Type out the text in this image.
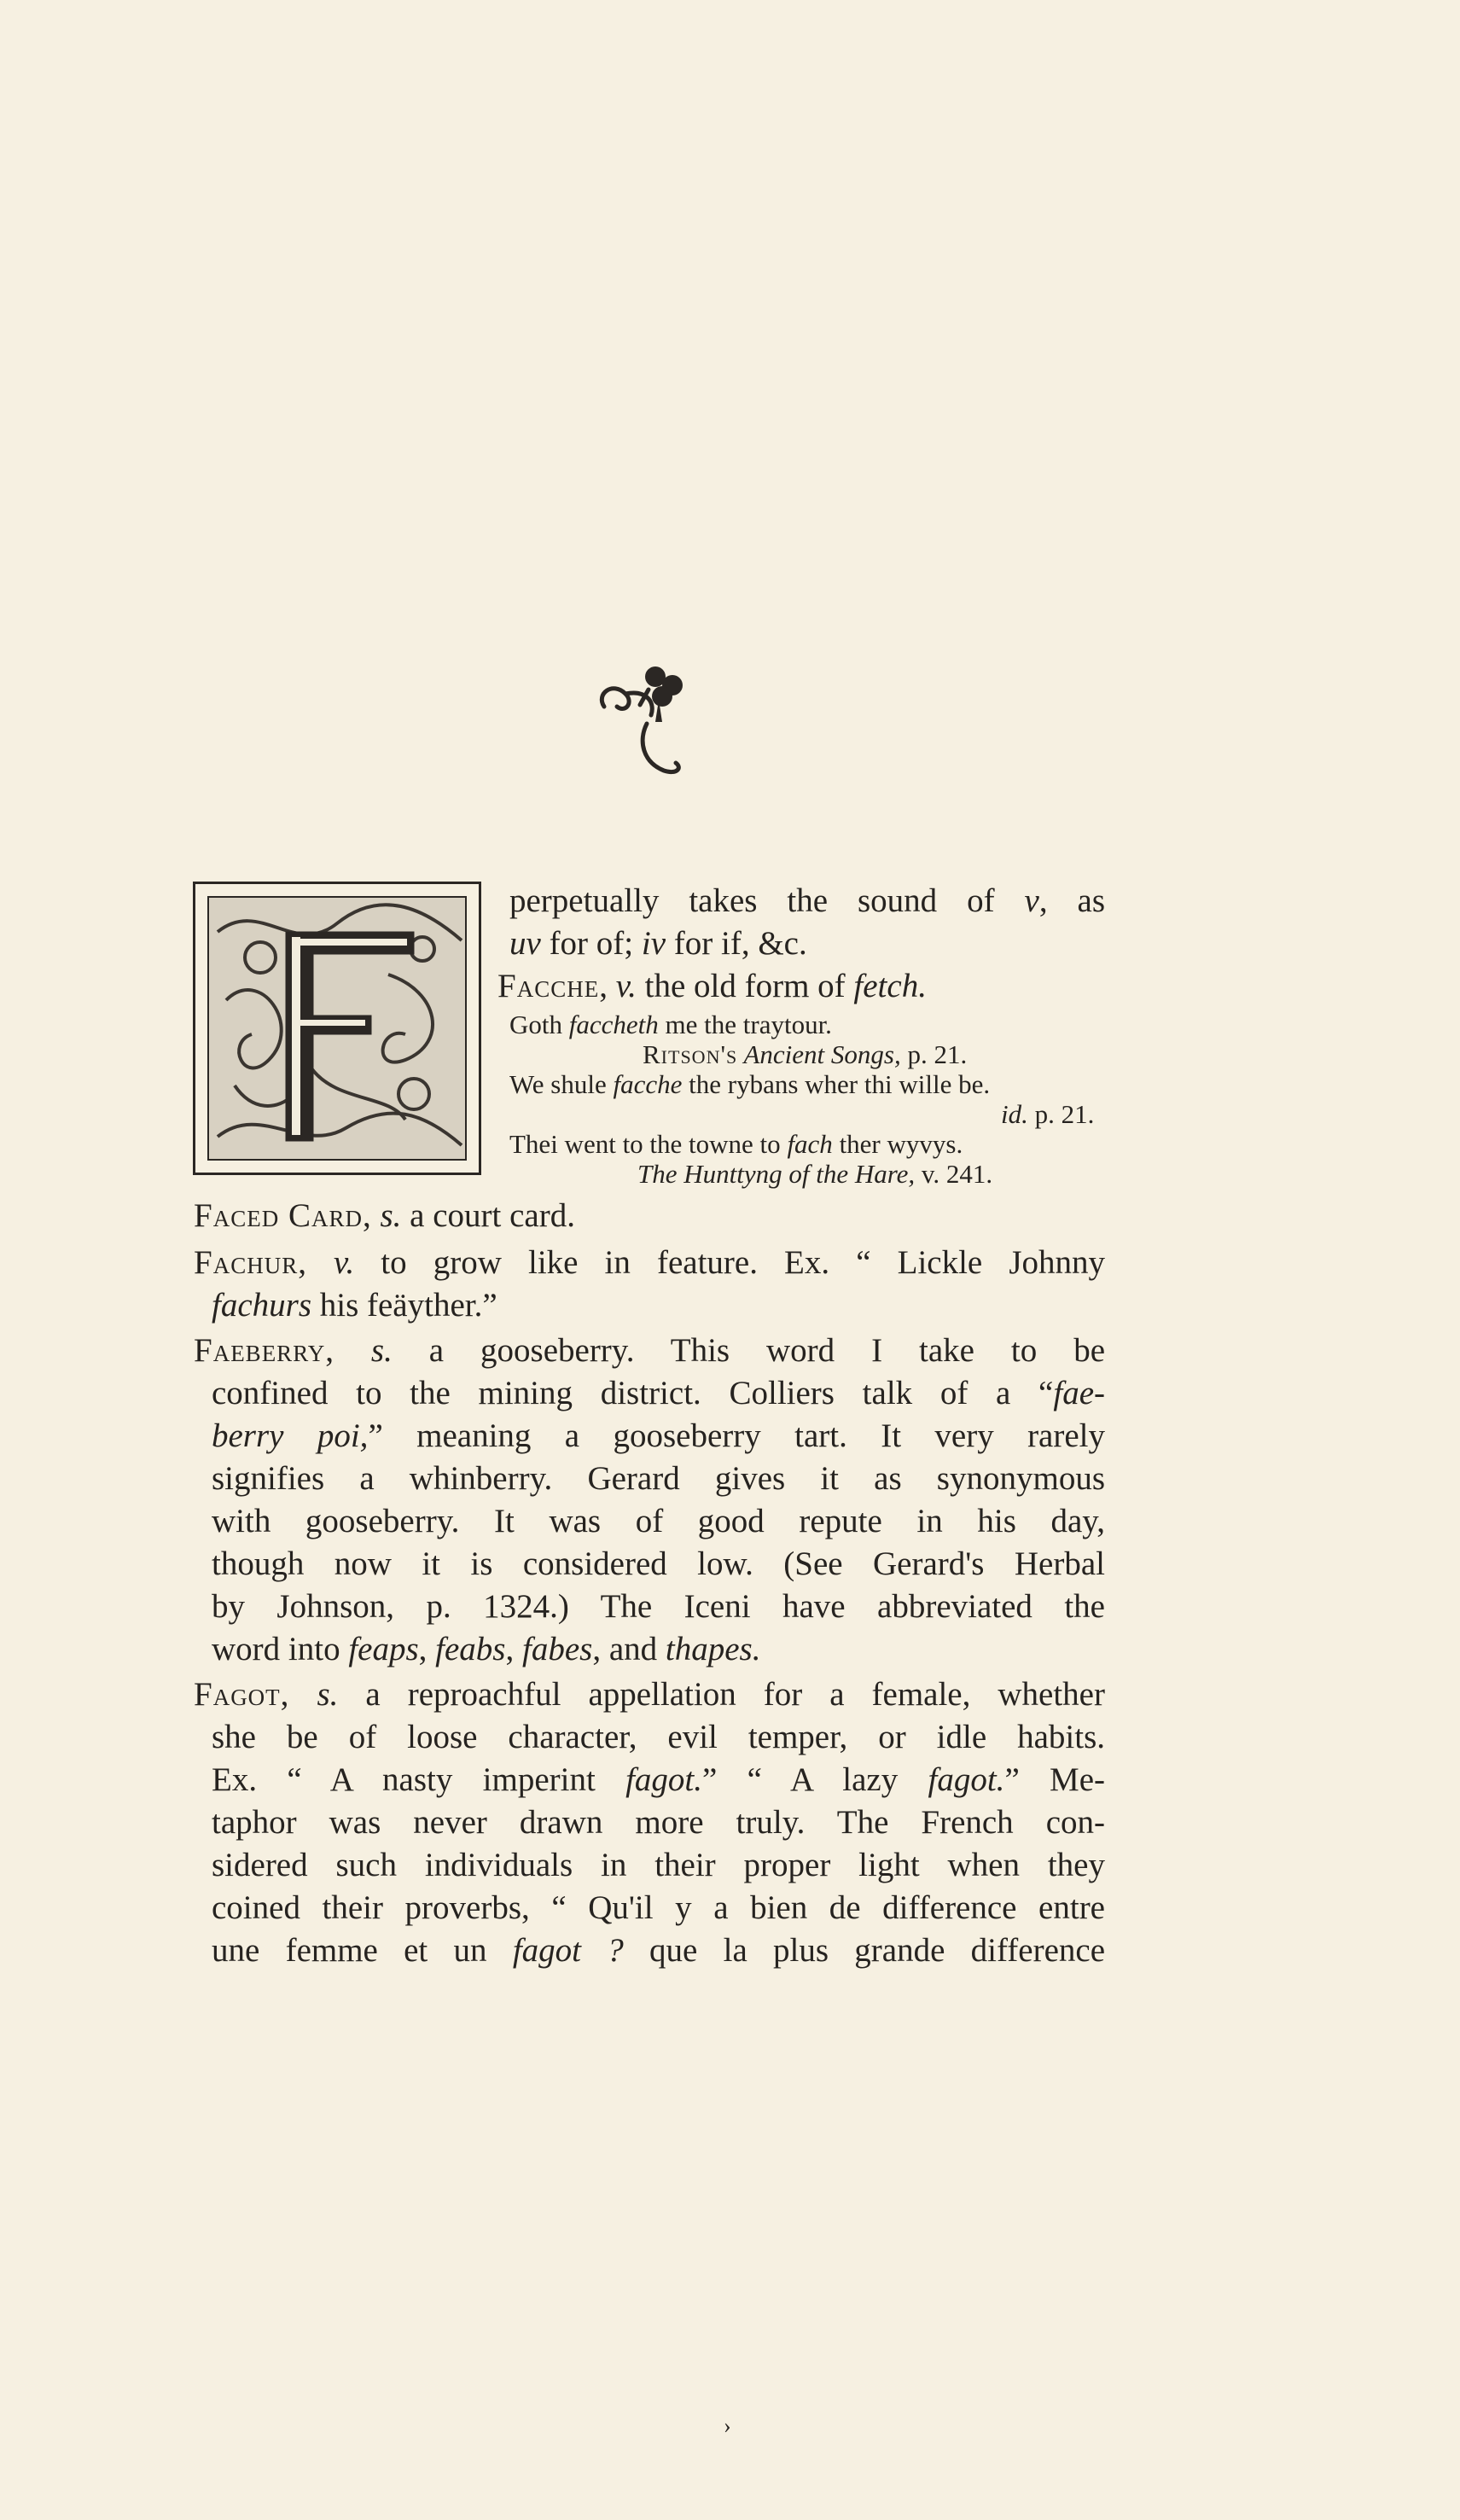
perpetually takes the sound of v, as
uv for of; iv for if, &c.
Facche, v. the old form of fetch.
Goth faccheth me the traytour.
Ritson's Ancient Songs, p. 21.
We shule facche the rybans wher thi wille be.
id. p. 21.
Thei went to the towne to fach ther wyvys.
The Hunttyng of the Hare, v. 241.
Faced Card, s. a court card.
Fachur, v. to grow like in feature. Ex. “ Lickle Johnny
fachurs his feäyther.”
Faeberry, s. a gooseberry. This word I take to be
confined to the mining district. Colliers talk of a “fae-
berry poi,” meaning a gooseberry tart. It very rarely
signifies a whinberry. Gerard gives it as synonymous
with gooseberry. It was of good repute in his day,
though now it is considered low. (See Gerard's Herbal
by Johnson, p. 1324.) The Iceni have abbreviated the
word into feaps, feabs, fabes, and thapes.
Fagot, s. a reproachful appellation for a female, whether
she be of loose character, evil temper, or idle habits.
Ex. “ A nasty imperint fagot.” “ A lazy fagot.” Me-
taphor was never drawn more truly. The French con-
sidered such individuals in their proper light when they
coined their proverbs, “ Qu'il y a bien de difference entre
une femme et un fagot ? que la plus grande difference
›
